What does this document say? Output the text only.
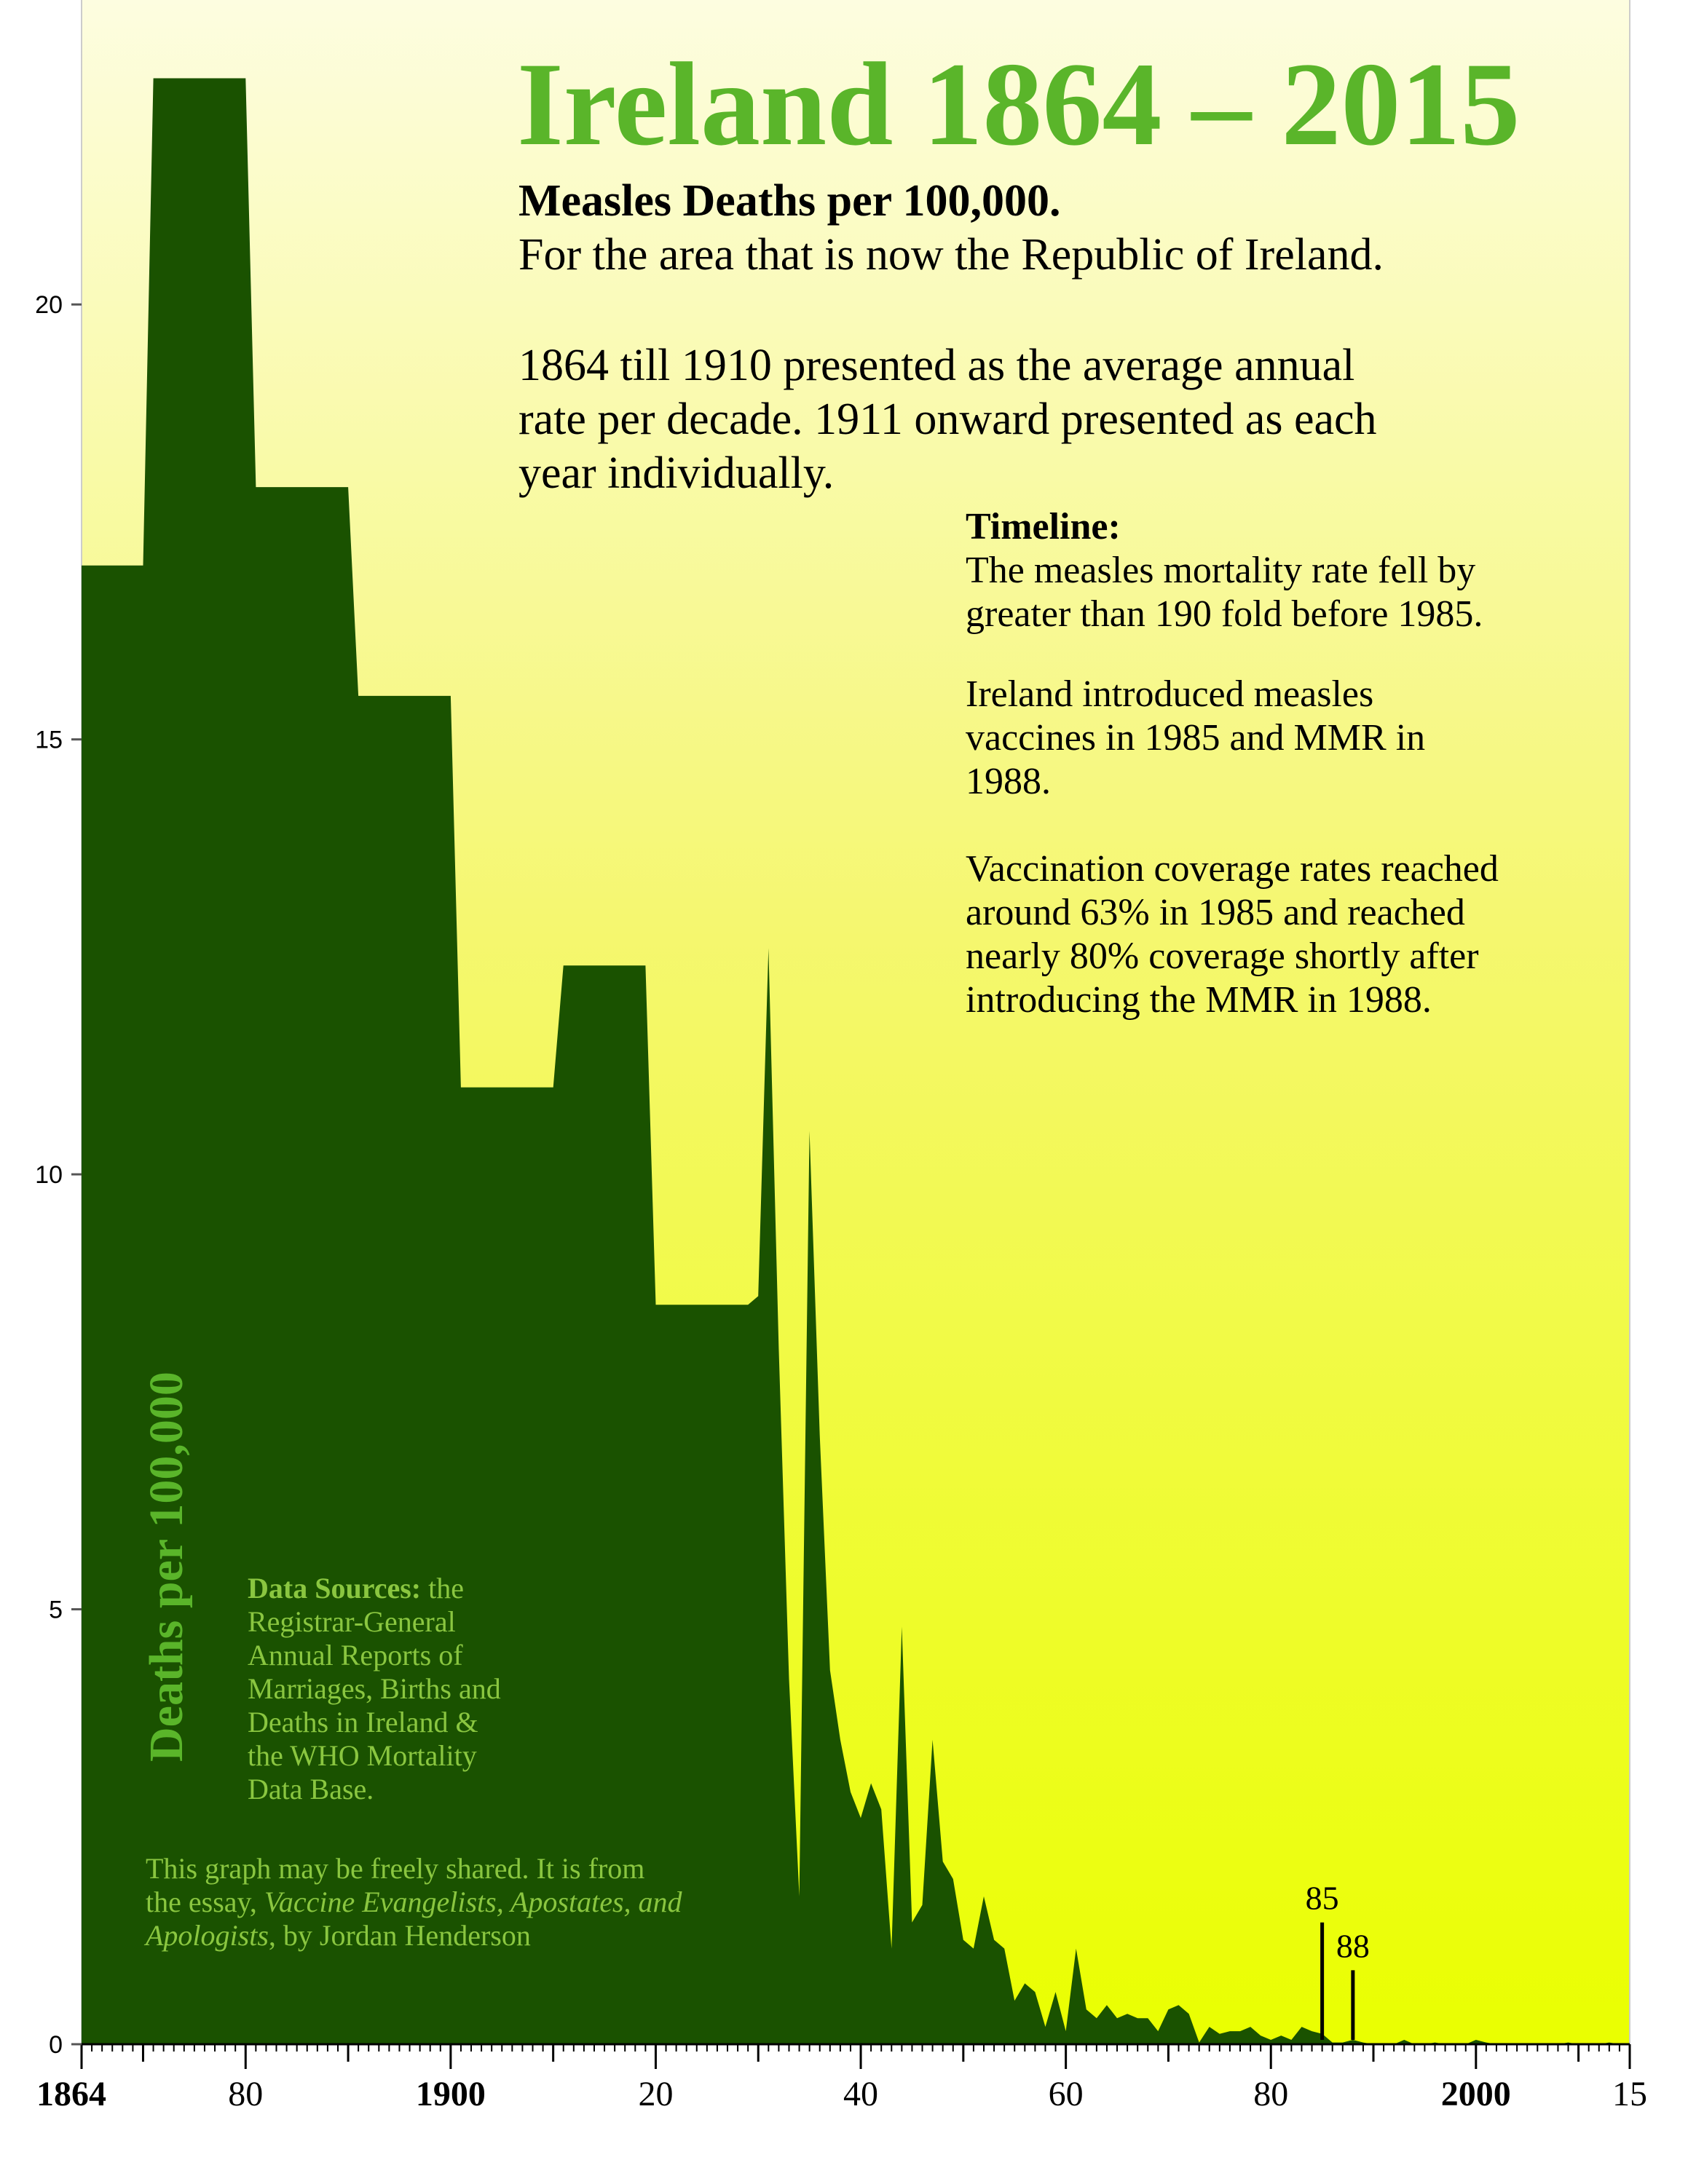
85
88
1864	80	1900	20	40	60	80	2000	15
0
5
10
15
20
Deaths per 100,000
Ireland 1864 – 2015
Measles Deaths per 100,000.
For the area that is now the Republic of Ireland.
1864 till 1910 presented as the average annual
rate per decade. 1911 onward presented as each
year individually.
Timeline:
The measles mortality rate fell by
greater than 190 fold before 1985.
Ireland introduced measles
vaccines in 1985 and MMR in
1988.
Vaccination coverage rates reached
around 63% in 1985 and reached
nearly 80% coverage shortly after
introducing the MMR in 1988.
Data Sources: the
Registrar-General
Annual Reports of
Marriages, Births and
Deaths in Ireland &
the WHO Mortality
Data Base.
This graph may be freely shared. It is from
the essay, Vaccine Evangelists, Apostates, and
Apologists, by Jordan Henderson
